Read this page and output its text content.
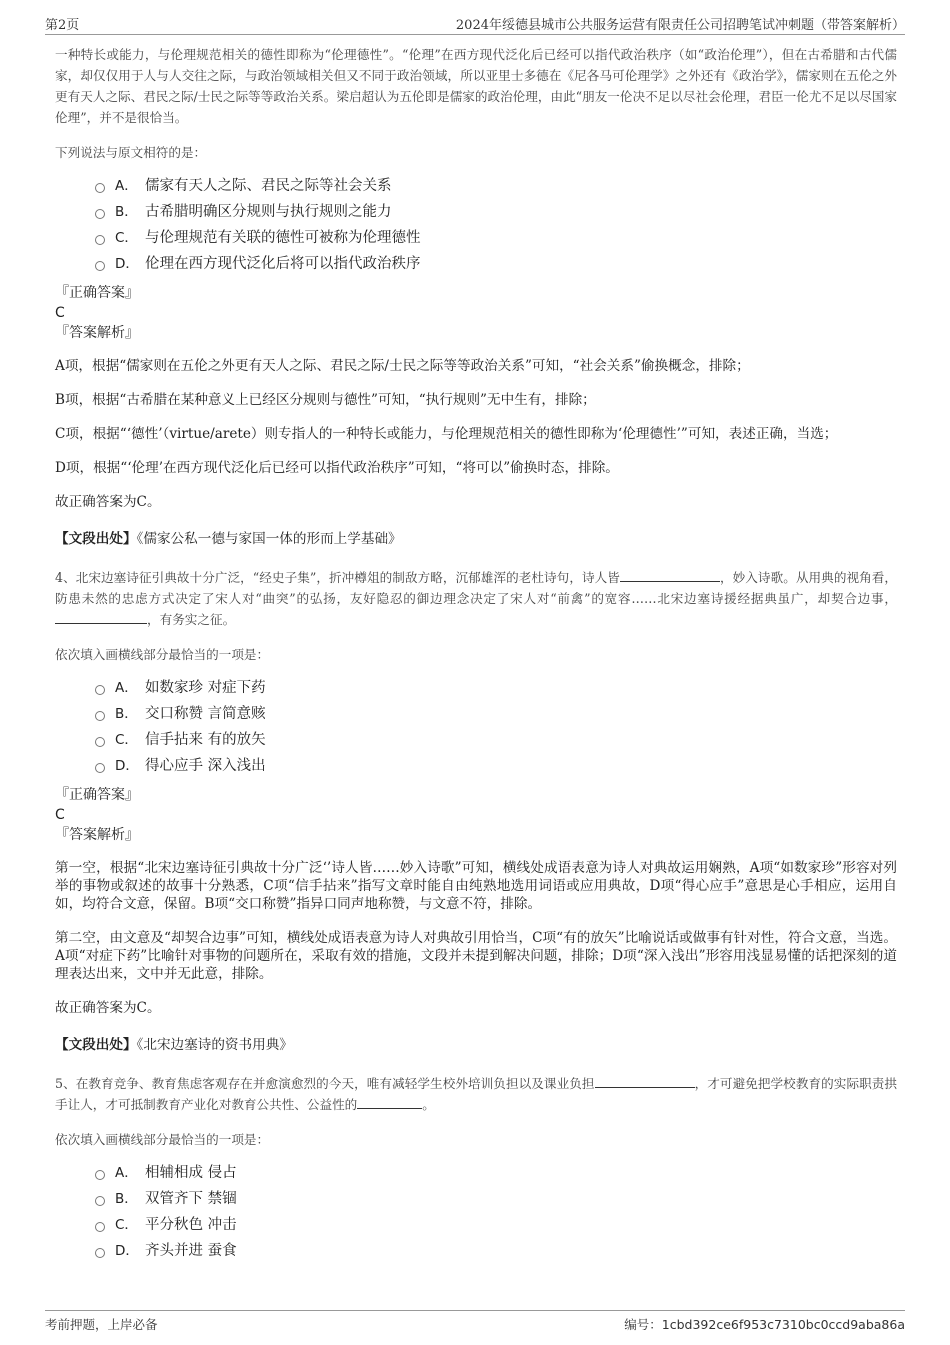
第2页	2024年绥德县城市公共服务运营有限责任公司招聘笔试冲刺题（带答案解析）

一种特长或能力，与伦理规范相关的德性即称为“伦理德性”。“伦理”在西方现代泛化后已经可以指代政治秩序（如“政治伦理”），但在古希腊和古代儒家，却仅仅用于人与人交往之际，与政治领域相关但又不同于政治领域，所以亚里士多德在《尼各马可伦理学》之外还有《政治学》，儒家则在五伦之外更有天人之际、君民之际/士民之际等等政治关系。梁启超认为五伦即是儒家的政治伦理，由此“朋友一伦决不足以尽社会伦理，君臣一伦尤不足以尽国家伦理”，并不是很恰当。

下列说法与原文相符的是：

A． 儒家有天人之际、君民之际等社会关系
B． 古希腊明确区分规则与执行规则之能力
C． 与伦理规范有关联的德性可被称为伦理德性
D． 伦理在西方现代泛化后将可以指代政治秩序

『正确答案』

C

『答案解析』

A项，根据“儒家则在五伦之外更有天人之际、君民之际/士民之际等等政治关系”可知，“社会关系”偷换概念，排除；

B项，根据“古希腊在某种意义上已经区分规则与德性”可知，“执行规则”无中生有，排除；

C项，根据“‘德性’（virtue/arete）则专指人的一种特长或能力，与伦理规范相关的德性即称为‘伦理德性’”可知，表述正确，当选；

D项，根据“‘伦理’在西方现代泛化后已经可以指代政治秩序”可知，“将可以”偷换时态，排除。

故正确答案为C。

【文段出处】《儒家公私一德与家国一体的形而上学基础》

4、北宋边塞诗征引典故十分广泛，“经史子集”，折冲樽俎的制敌方略，沉郁雄浑的老杜诗句，诗人皆	，妙入诗歌。从用典的视角看，防患未然的忠虑方式决定了宋人对“曲突”的弘扬，友好隐忍的御边理念决定了宋人对“前禽”的宽容……北宋边塞诗援经据典虽广，却契合边事，，有务实之征。

依次填入画横线部分最恰当的一项是：

A． 如数家珍 对症下药
B． 交口称赞 言简意赅
C． 信手拈来 有的放矢
D． 得心应手 深入浅出

『正确答案』

C

『答案解析』

第一空，根据“北宋边塞诗征引典故十分广泛‘’诗人皆……妙入诗歌”可知，横线处成语表意为诗人对典故运用娴熟，A项“如数家珍”形容对列举的事物或叙述的故事十分熟悉，C项“信手拈来”指写文章时能自由纯熟地选用词语或应用典故，D项“得心应手”意思是心手相应，运用自如，均符合文意，保留。B项“交口称赞”指异口同声地称赞，与文意不符，排除。

第二空，由文意及“却契合边事”可知，横线处成语表意为诗人对典故引用恰当，C项“有的放矢”比喻说话或做事有针对性，符合文意，当选。A项“对症下药”比喻针对事物的问题所在，采取有效的措施，文段并未提到解决问题，排除；D项“深入浅出”形容用浅显易懂的话把深刻的道理表达出来，文中并无此意，排除。

故正确答案为C。

【文段出处】《北宋边塞诗的资书用典》

5、在教育竞争、教育焦虑客观存在并愈演愈烈的今天，唯有减轻学生校外培训负担以及课业负担	，才可避免把学校教育的实际职责拱手让人，才可抵制教育产业化对教育公共性、公益性的	。

依次填入画横线部分最恰当的一项是：

A． 相辅相成 侵占
B． 双管齐下 禁锢
C． 平分秋色 冲击
D． 齐头并进 蚕食
考前押题，上岸必备	编号：1cbd392ce6f953c7310bc0ccd9aba86a
